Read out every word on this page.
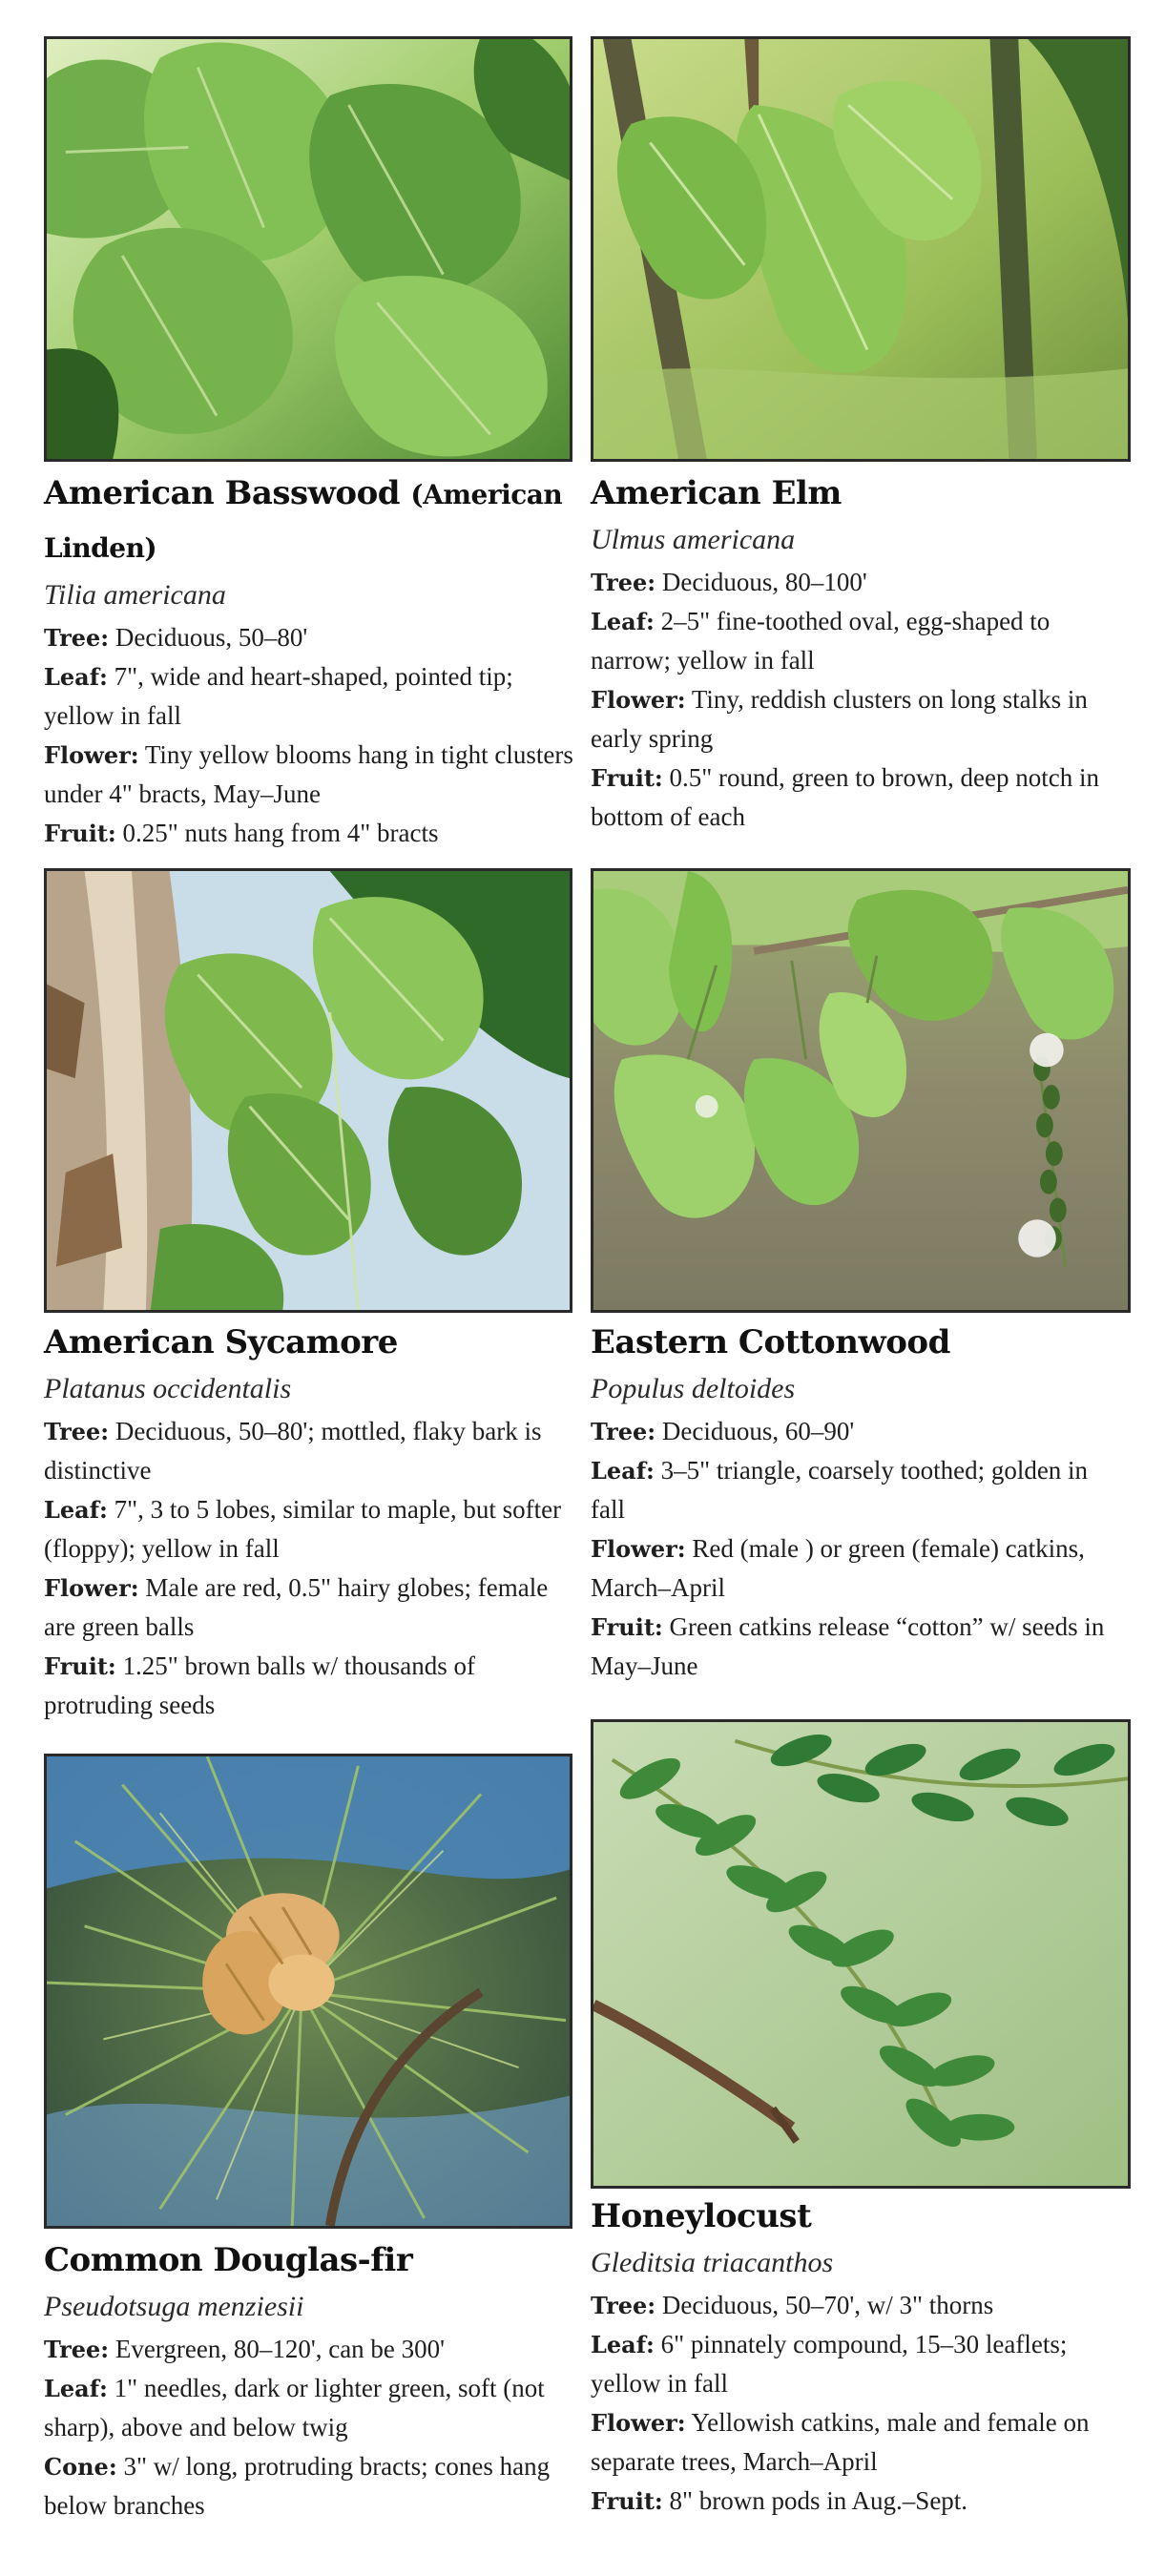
American Basswood (American Linden)

Tilia americana

Tree: Deciduous, 50–80'

Leaf: 7", wide and heart-shaped, pointed tip; yellow in fall

Flower: Tiny yellow blooms hang in tight clusters under 4" bracts, May–June

Fruit: 0.25" nuts hang from 4" bracts

American Elm

Ulmus americana

Tree: Deciduous, 80–100'

Leaf: 2–5" fine-toothed oval, egg-shaped to narrow; yellow in fall

Flower: Tiny, reddish clusters on long stalks in early spring

Fruit: 0.5" round, green to brown, deep notch in bottom of each

American Sycamore

Platanus occidentalis

Tree: Deciduous, 50–80'; mottled, flaky bark is distinctive

Leaf: 7", 3 to 5 lobes, similar to maple, but softer (floppy); yellow in fall

Flower: Male are red, 0.5" hairy globes; female are green balls

Fruit: 1.25" brown balls w/ thousands of protruding seeds

Eastern Cottonwood

Populus deltoides

Tree: Deciduous, 60–90'

Leaf: 3–5" triangle, coarsely toothed; golden in fall

Flower: Red (male ) or green (female) catkins, March–April

Fruit: Green catkins release “cotton” w/ seeds in May–June

Common Douglas-fir

Pseudotsuga menziesii

Tree: Evergreen, 80–120', can be 300'

Leaf: 1" needles, dark or lighter green, soft (not sharp), above and below twig

Cone: 3" w/ long, protruding bracts; cones hang below branches

Honeylocust

Gleditsia triacanthos

Tree: Deciduous, 50–70', w/ 3" thorns

Leaf: 6" pinnately compound, 15–30 leaflets; yellow in fall

Flower: Yellowish catkins, male and female on separate trees, March–April

Fruit: 8" brown pods in Aug.–Sept.
